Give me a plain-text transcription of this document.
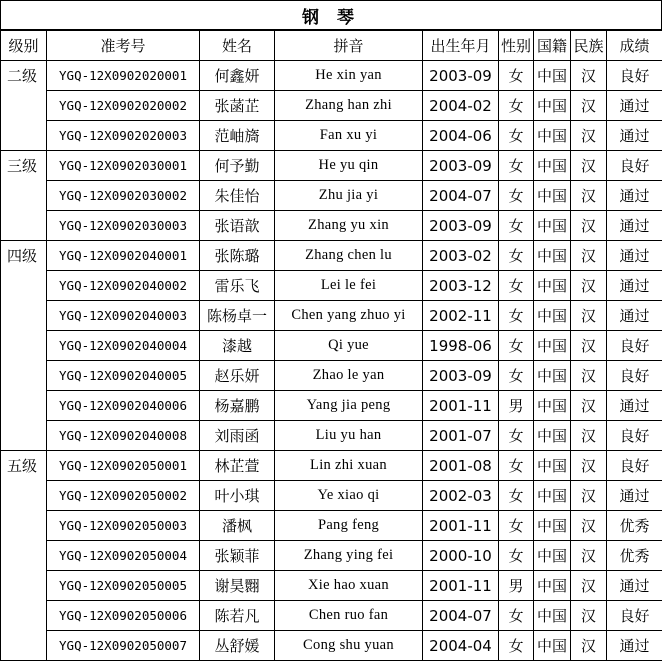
钢 琴
级别	准考号	姓名	拼音	出生年月	性别	国籍	民族	成绩
二级	YGQ-12X0902020001	何鑫妍	He xin yan	2003-09	女	中国	汉	良好
	YGQ-12X0902020002	张菡芷	Zhang han zhi	2004-02	女	中国	汉	通过
	YGQ-12X0902020003	范岫旖	Fan xu yi	2004-06	女	中国	汉	通过
三级	YGQ-12X0902030001	何予勤	He yu qin	2003-09	女	中国	汉	良好
	YGQ-12X0902030002	朱佳怡	Zhu jia yi	2004-07	女	中国	汉	通过
	YGQ-12X0902030003	张语歆	Zhang yu xin	2003-09	女	中国	汉	通过
四级	YGQ-12X0902040001	张陈璐	Zhang chen lu	2003-02	女	中国	汉	通过
	YGQ-12X0902040002	雷乐飞	Lei le fei	2003-12	女	中国	汉	通过
	YGQ-12X0902040003	陈杨卓一	Chen yang zhuo yi	2002-11	女	中国	汉	通过
	YGQ-12X0902040004	漆越	Qi yue	1998-06	女	中国	汉	良好
	YGQ-12X0902040005	赵乐妍	Zhao le yan	2003-09	女	中国	汉	良好
	YGQ-12X0902040006	杨嘉鹏	Yang jia peng	2001-11	男	中国	汉	通过
	YGQ-12X0902040008	刘雨函	Liu yu han	2001-07	女	中国	汉	良好
五级	YGQ-12X0902050001	林芷萱	Lin zhi xuan	2001-08	女	中国	汉	良好
	YGQ-12X0902050002	叶小琪	Ye xiao qi	2002-03	女	中国	汉	通过
	YGQ-12X0902050003	潘枫	Pang feng	2001-11	女	中国	汉	优秀
	YGQ-12X0902050004	张颖菲	Zhang ying fei	2000-10	女	中国	汉	优秀
	YGQ-12X0902050005	谢昊翾	Xie hao xuan	2001-11	男	中国	汉	通过
	YGQ-12X0902050006	陈若凡	Chen ruo fan	2004-07	女	中国	汉	良好
	YGQ-12X0902050007	丛舒媛	Cong shu yuan	2004-04	女	中国	汉	通过
